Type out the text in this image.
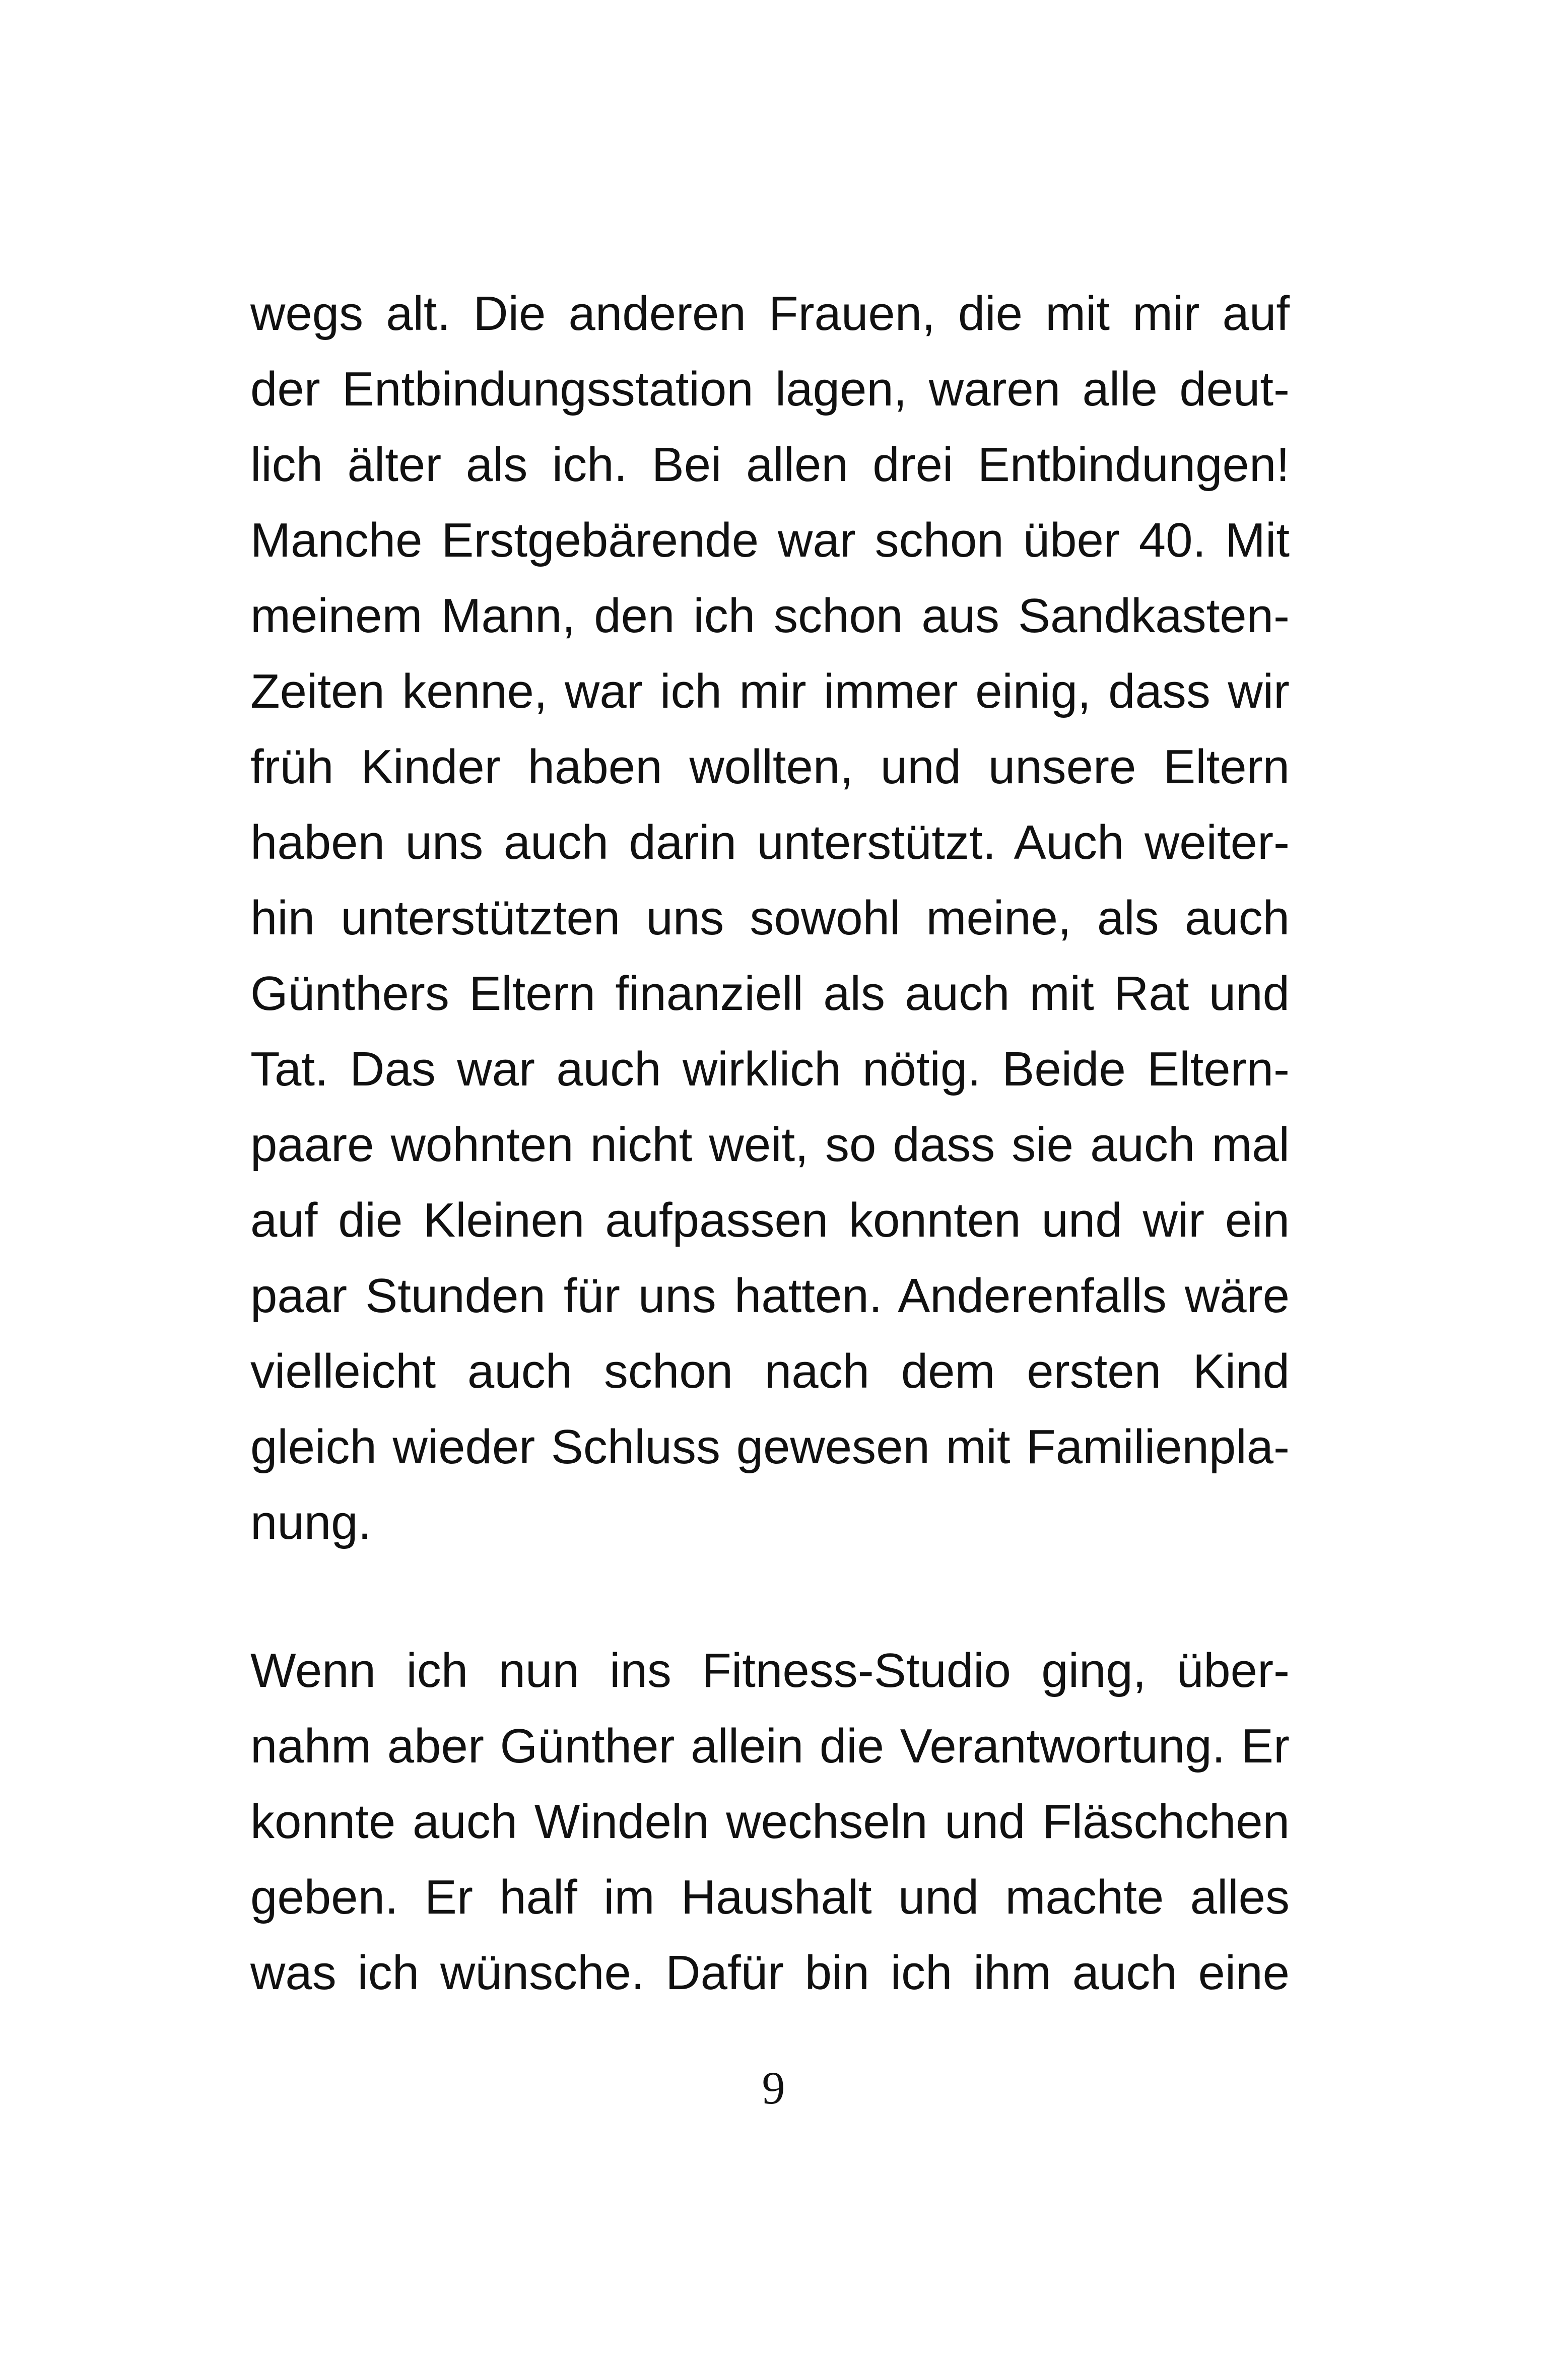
wegs alt. Die anderen Frauen, die mit mir auf
der Entbindungsstation lagen, waren alle deut-
lich älter als ich. Bei allen drei Entbindungen!
Manche Erstgebärende war schon über 40. Mit
meinem Mann, den ich schon aus Sandkasten-
Zeiten kenne, war ich mir immer einig, dass wir
früh Kinder haben wollten, und unsere Eltern
haben uns auch darin unterstützt. Auch weiter-
hin unterstützten uns sowohl meine, als auch
Günthers Eltern finanziell als auch mit Rat und
Tat. Das war auch wirklich nötig. Beide Eltern-
paare wohnten nicht weit, so dass sie auch mal
auf die Kleinen aufpassen konnten und wir ein
paar Stunden für uns hatten. Anderenfalls wäre
vielleicht auch schon nach dem ersten Kind
gleich wieder Schluss gewesen mit Familienpla-
nung.
Wenn ich nun ins Fitness-Studio ging, über-
nahm aber Günther allein die Verantwortung. Er
konnte auch Windeln wechseln und Fläschchen
geben. Er half im Haushalt und machte alles
was ich wünsche. Dafür bin ich ihm auch eine
9
